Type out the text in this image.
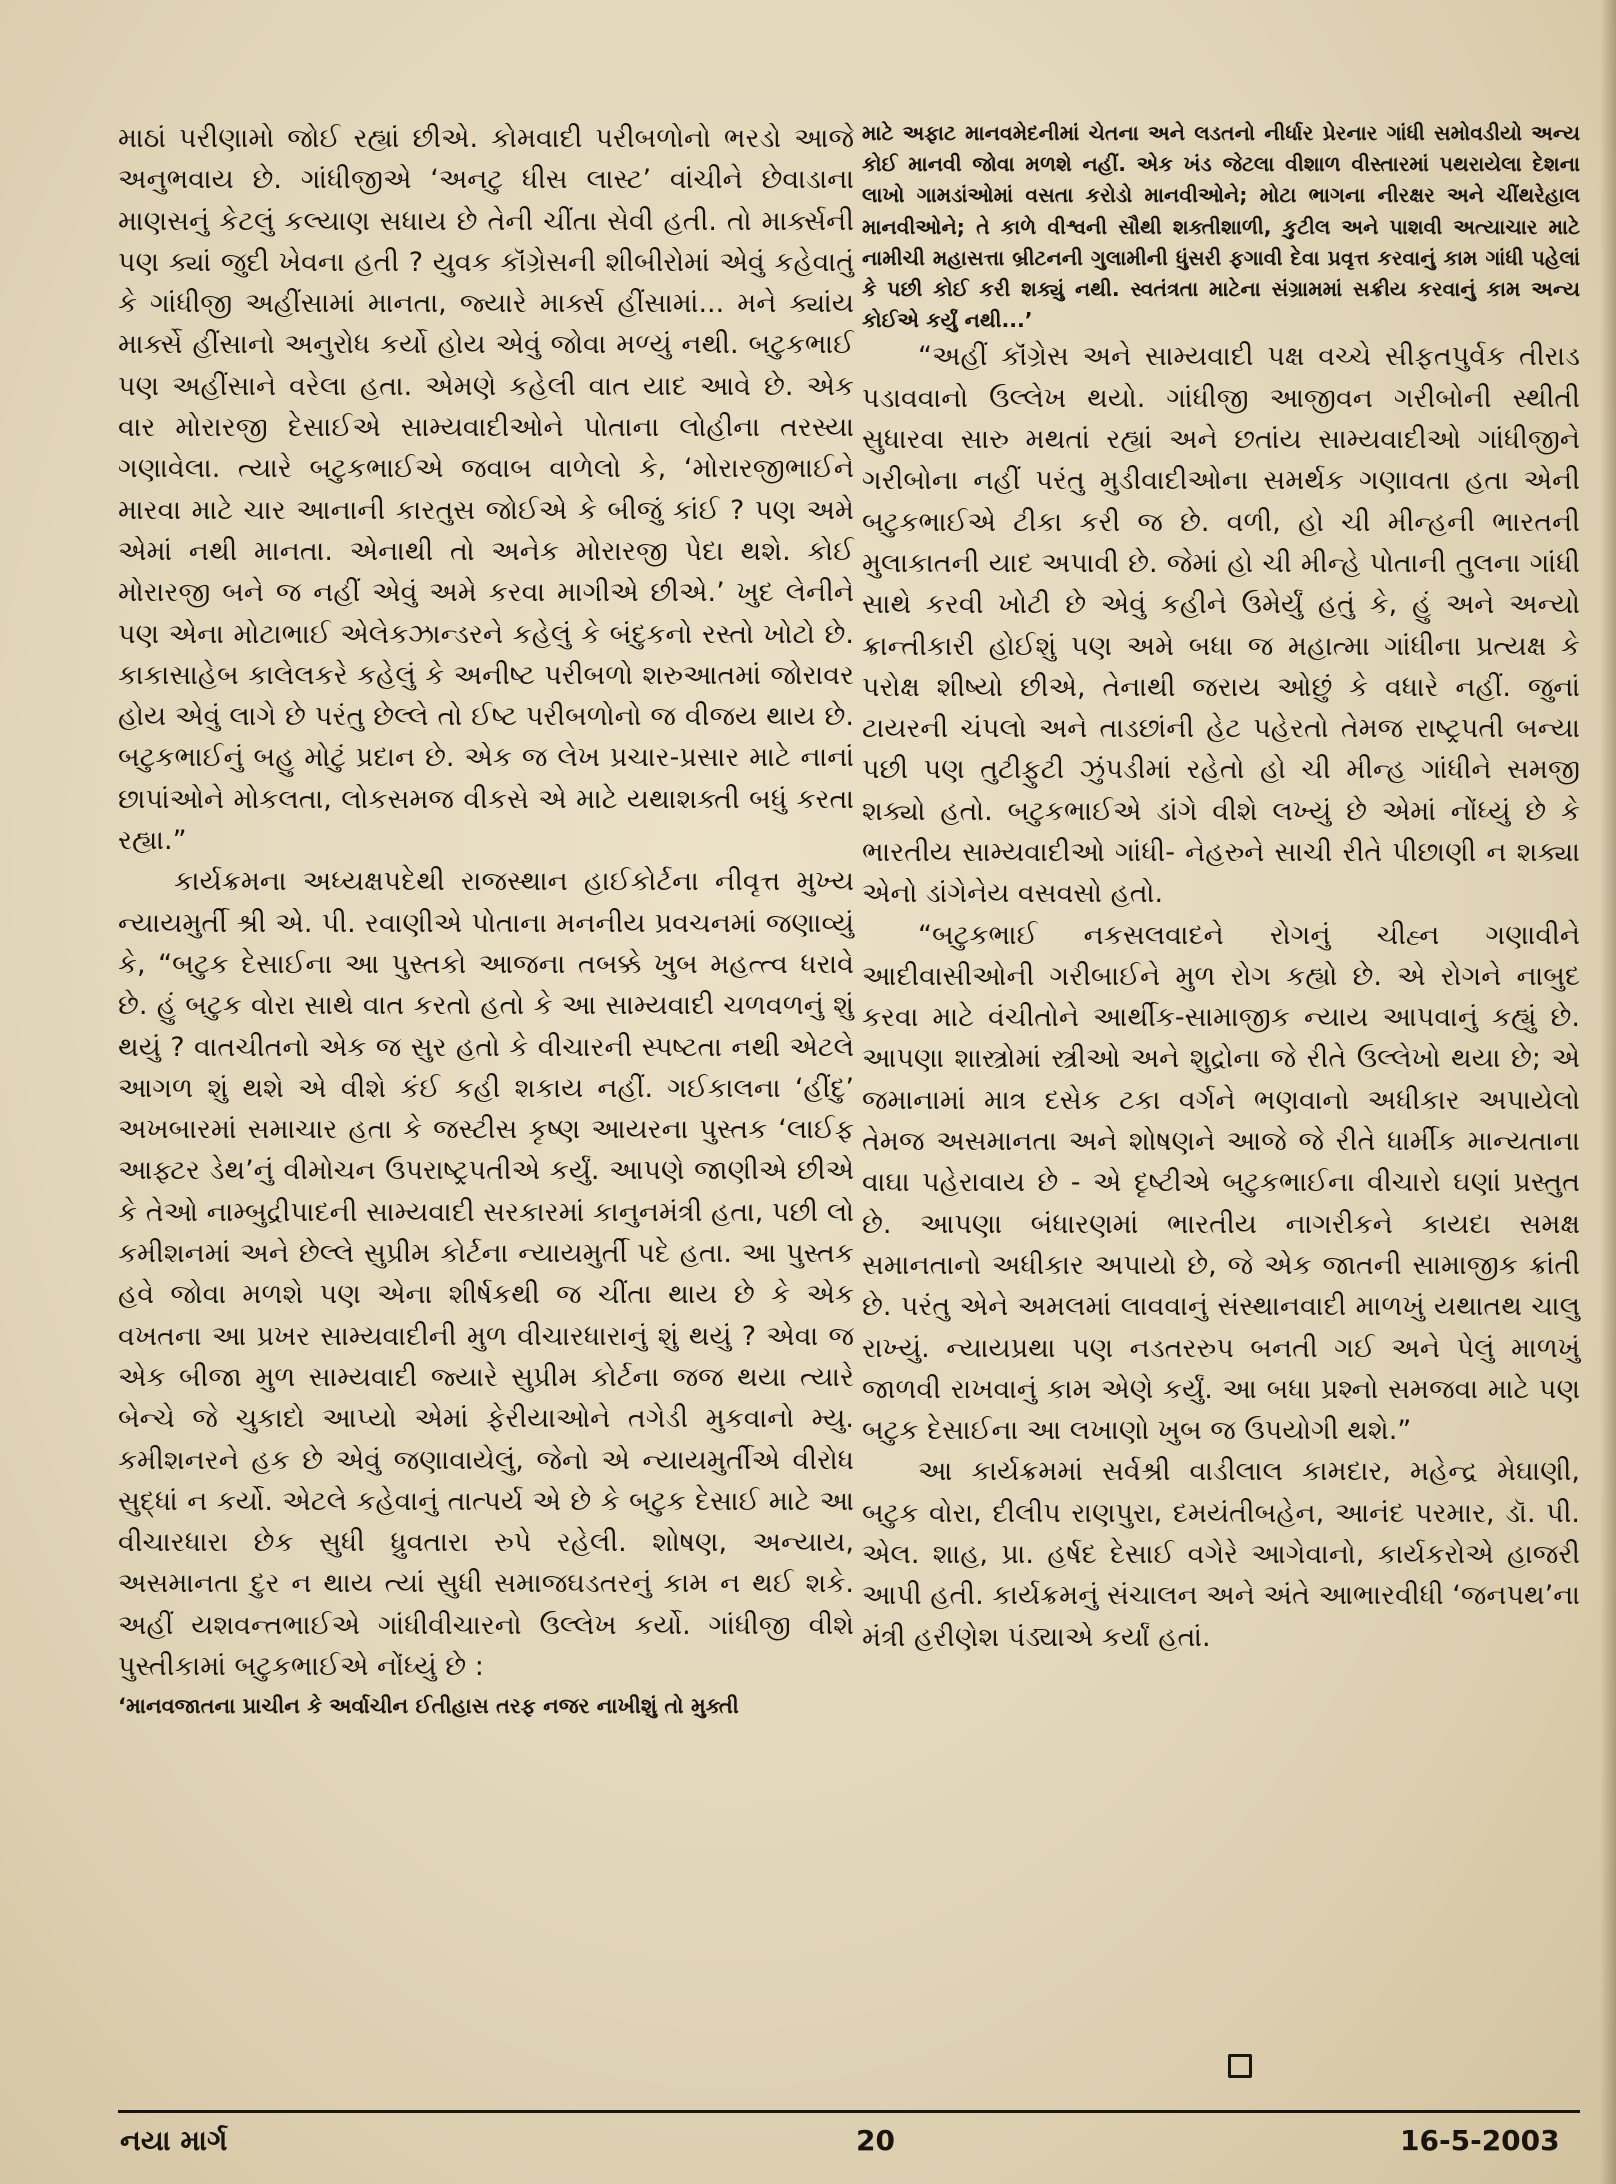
માઠાં પરીણામો જોઈ રહ્યાં છીએ. કોમવાદી પરીબળોનો ભરડો આજે અનુભવાય છે. ગાંધીજીએ ‘અનટુ ધીસ લાસ્ટ’ વાંચીને છેવાડાના માણસનું કેટલું કલ્યાણ સધાય છે તેની ચીંતા સેવી હતી. તો માર્ક્સની પણ ક્યાં જુદી ખેવના હતી ? યુવક કૉંગ્રેસની શીબીરોમાં એવું કહેવાતું કે ગાંધીજી અહીંસામાં માનતા, જ્યારે માર્ક્સ હીંસામાં... મને ક્યાંય માર્ક્સે હીંસાનો અનુરોધ કર્યો હોય એવું જોવા મળ્યું નથી. બટુકભાઈ પણ અહીંસાને વરેલા હતા. એમણે કહેલી વાત યાદ આવે છે. એક વાર મોરારજી દેસાઈએ સામ્યવાદીઓને પોતાના લોહીના તરસ્યા ગણાવેલા. ત્યારે બટુકભાઈએ જવાબ વાળેલો કે, ‘મોરારજીભાઈને મારવા માટે ચાર આનાની કારતુસ જોઈએ કે બીજું કાંઈ ? પણ અમે એમાં નથી માનતા. એનાથી તો અનેક મોરારજી પેદા થશે. કોઈ મોરારજી બને જ નહીં એવું અમે કરવા માગીએ છીએ.’ ખુદ લેનીને પણ એના મોટાભાઈ એલેકઝાન્ડરને કહેલું કે બંદુકનો રસ્તો ખોટો છે. કાકાસાહેબ કાલેલકરે કહેલું કે અનીષ્ટ પરીબળો શરુઆતમાં જોરાવર હોય એવું લાગે છે પરંતુ છેલ્લે તો ઈષ્ટ પરીબળોનો જ વીજય થાય છે. બટુકભાઈનું બહુ મોટું પ્રદાન છે. એક જ લેખ પ્રચાર-પ્રસાર માટે નાનાં છાપાંઓને મોકલતા, લોકસમજ વીકસે એ માટે યથાશક્તી બધું કરતા રહ્યા.”

કાર્યક્રમના અધ્યક્ષપદેથી રાજસ્થાન હાઈકોર્ટના નીવૃત્ત મુખ્ય ન્યાયમુર્તી શ્રી એ. પી. રવાણીએ પોતાના મનનીય પ્રવચનમાં જણાવ્યું કે, “બટુક દેસાઈના આ પુસ્તકો આજના તબક્કે ખુબ મહત્ત્વ ધરાવે છે. હું બટુક વોરા સાથે વાત કરતો હતો કે આ સામ્યવાદી ચળવળનું શું થયું ? વાતચીતનો એક જ સુર હતો કે વીચારની સ્પષ્ટતા નથી એટલે આગળ શું થશે એ વીશે કંઈ કહી શકાય નહીં. ગઈકાલના ‘હીંદુ’ અખબારમાં સમાચાર હતા કે જસ્ટીસ કૃષ્ણ આયરના પુસ્તક ‘લાઈફ આફ્ટર ડેથ’નું વીમોચન ઉપરાષ્ટ્રપતીએ કર્યું. આપણે જાણીએ છીએ કે તેઓ નામ્બુદ્રીપાદની સામ્યવાદી સરકારમાં કાનુનમંત્રી હતા, પછી લો કમીશનમાં અને છેલ્લે સુપ્રીમ કોર્ટના ન્યાયમુર્તી પદે હતા. આ પુસ્તક હવે જોવા મળશે પણ એના શીર્ષકથી જ ચીંતા થાય છે કે એક વખતના આ પ્રખર સામ્યવાદીની મુળ વીચારધારાનું શું થયું ? એવા જ એક બીજા મુળ સામ્યવાદી જ્યારે સુપ્રીમ કોર્ટના જજ થયા ત્યારે બેન્ચે જે ચુકાદો આપ્યો એમાં ફેરીયાઓને તગેડી મુકવાનો મ્યુ. કમીશનરને હક છે એવું જણાવાયેલું, જેનો એ ન્યાયમુર્તીએ વીરોધ સુદ્ધાં ન કર્યો. એટલે કહેવાનું તાત્પર્ય એ છે કે બટુક દેસાઈ માટે આ વીચારધારા છેક સુધી ધ્રુવતારા રુપે રહેલી. શોષણ, અન્યાય, અસમાનતા દુર ન થાય ત્યાં સુધી સમાજઘડતરનું કામ ન થઈ શકે. અહીં યશવન્તભાઈએ ગાંધીવીચારનો ઉલ્લેખ કર્યો. ગાંધીજી વીશે પુસ્તીકામાં બટુકભાઈએ નોંધ્યું છે :

‘માનવજાતના પ્રાચીન કે અર્વાચીન ઈતીહાસ તરફ નજર નાખીશું તો મુક્તી

માટે અફાટ માનવમેદનીમાં ચેતના અને લડતનો નીર્ધાર પ્રેરનાર ગાંધી સમોવડીયો અન્ય કોઈ માનવી જોવા મળશે નહીં. એક ખંડ જેટલા વીશાળ વીસ્તારમાં પથરાયેલા દેશના લાખો ગામડાંઓમાં વસતા કરોડો માનવીઓને; મોટા ભાગના નીરક્ષર અને ચીંથરેહાલ માનવીઓને; તે કાળે વીશ્વની સૌથી શક્તીશાળી, કુટીલ અને પાશવી અત્યાચાર માટે નામીચી મહાસત્તા બ્રીટનની ગુલામીની ધુંસરી ફગાવી દેવા પ્રવૃત્ત કરવાનું કામ ગાંધી પહેલાં કે પછી કોઈ કરી શક્યું નથી. સ્વતંત્રતા માટેના સંગ્રામમાં સક્રીય કરવાનું કામ અન્ય કોઈએ કર્યું નથી...’

“અહીં કૉંગ્રેસ અને સામ્યવાદી પક્ષ વચ્ચે સીફતપુર્વક તીરાડ પડાવવાનો ઉલ્લેખ થયો. ગાંધીજી આજીવન ગરીબોની સ્થીતી સુધારવા સારુ મથતાં રહ્યાં અને છતાંય સામ્યવાદીઓ ગાંધીજીને ગરીબોના નહીં પરંતુ મુડીવાદીઓના સમર્થક ગણાવતા હતા એની બટુકભાઈએ ટીકા કરી જ છે. વળી, હો ચી મીન્હની ભારતની મુલાકાતની યાદ અપાવી છે. જેમાં હો ચી મીન્હે પોતાની તુલના ગાંધી સાથે કરવી ખોટી છે એવું કહીને ઉમેર્યું હતું કે, હું અને અન્યો ક્રાન્તીકારી હોઈશું પણ અમે બધા જ મહાત્મા ગાંધીના પ્રત્યક્ષ કે પરોક્ષ શીષ્યો છીએ, તેનાથી જરાય ઓછું કે વધારે નહીં. જુનાં ટાયરની ચંપલો અને તાડછાંની હેટ પહેરતો તેમજ રાષ્ટ્રપતી બન્યા પછી પણ તુટીફુટી ઝુંપડીમાં રહેતો હો ચી મીન્હ ગાંધીને સમજી શક્યો હતો. બટુકભાઈએ ડાંગે વીશે લખ્યું છે એમાં નોંધ્યું છે કે ભારતીય સામ્યવાદીઓ ગાંધી- નેહરુને સાચી રીતે પીછાણી ન શક્યા એનો ડાંગેનેય વસવસો હતો.

“બટુકભાઈ નકસલવાદને રોગનું ચીહ્ન ગણાવીને આદીવાસીઓની ગરીબાઈને મુળ રોગ કહ્યો છે. એ રોગને નાબુદ કરવા માટે વંચીતોને આર્થીક-સામાજીક ન્યાય આપવાનું કહ્યું છે. આપણા શાસ્ત્રોમાં સ્ત્રીઓ અને શુદ્રોના જે રીતે ઉલ્લેખો થયા છે; એ જમાનામાં માત્ર દસેક ટકા વર્ગને ભણવાનો અધીકાર અપાયેલો તેમજ અસમાનતા અને શોષણને આજે જે રીતે ધાર્મીક માન્યતાના વાઘા પહેરાવાય છે - એ દૃષ્ટીએ બટુકભાઈના વીચારો ઘણાં પ્રસ્તુત છે. આપણા બંધારણમાં ભારતીય નાગરીકને કાયદા સમક્ષ સમાનતાનો અધીકાર અપાયો છે, જે એક જાતની સામાજીક ક્રાંતી છે. પરંતુ એને અમલમાં લાવવાનું સંસ્થાનવાદી માળખું યથાતથ ચાલુ રાખ્યું. ન્યાયપ્રથા પણ નડતરરુપ બનતી ગઈ અને પેલું માળખું જાળવી રાખવાનું કામ એણે કર્યું. આ બધા પ્રશ્નો સમજવા માટે પણ બટુક દેસાઈના આ લખાણો ખુબ જ ઉપયોગી થશે.”

આ કાર્યક્રમમાં સર્વશ્રી વાડીલાલ કામદાર, મહેન્દ્ર મેઘાણી, બટુક વોરા, દીલીપ રાણપુરા, દમયંતીબહેન, આનંદ પરમાર, ડૉ. પી. એલ. શાહ, પ્રા. હર્ષદ દેસાઈ વગેરે આગેવાનો, કાર્યકરોએ હાજરી આપી હતી. કાર્યક્રમનું સંચાલન અને અંતે આભારવીધી ‘જનપથ’ના મંત્રી હરીણેશ પંડ્યાએ કર્યાં હતાં.

નયા માર્ગ	20	16-5-2003
